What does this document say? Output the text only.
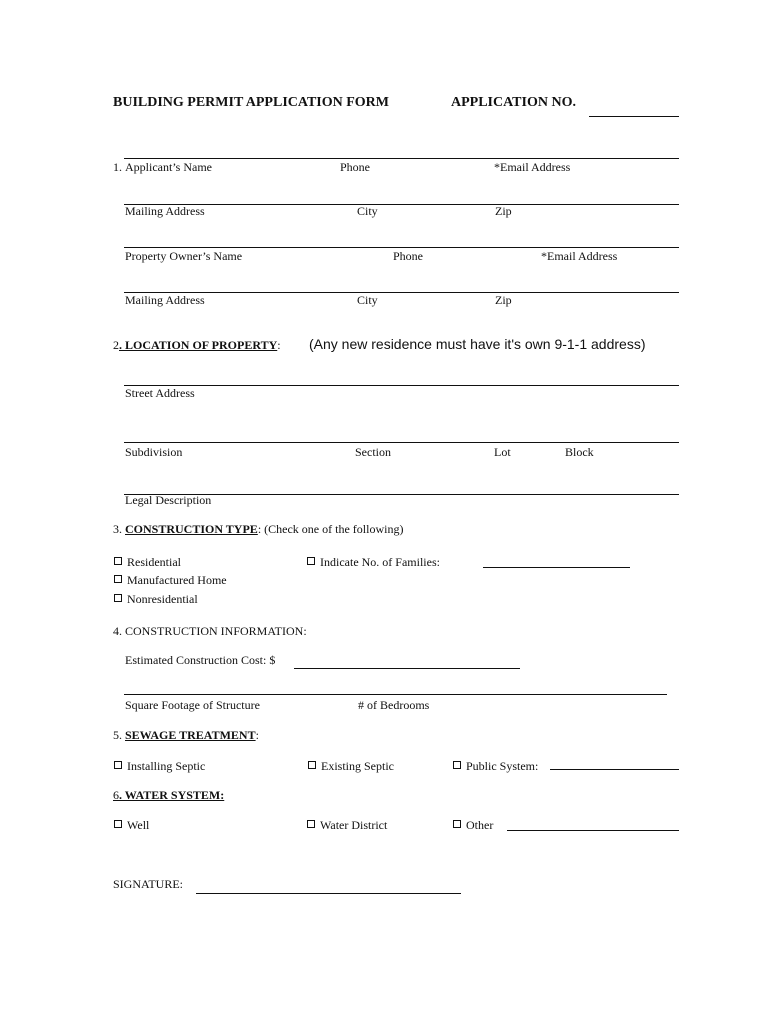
BUILDING PERMIT APPLICATION FORM	APPLICATION NO.
1. Applicant’s Name	Phone	*Email Address
Mailing Address	City	Zip
Property Owner’s Name	Phone	*Email Address
Mailing Address	City	Zip
2. LOCATION OF PROPERTY: (Any new residence must have it's own 9-1-1 address)
Street Address
Subdivision	Section	Lot	Block
Legal Description
3. CONSTRUCTION TYPE: (Check one of the following)
Residential	Indicate No. of Families:
Manufactured Home
Nonresidential
4. CONSTRUCTION INFORMATION:
Estimated Construction Cost: $
Square Footage of Structure	# of Bedrooms
5. SEWAGE TREATMENT:
Installing Septic	Existing Septic	Public System:
6. WATER SYSTEM:
Well	Water District	Other
SIGNATURE:
